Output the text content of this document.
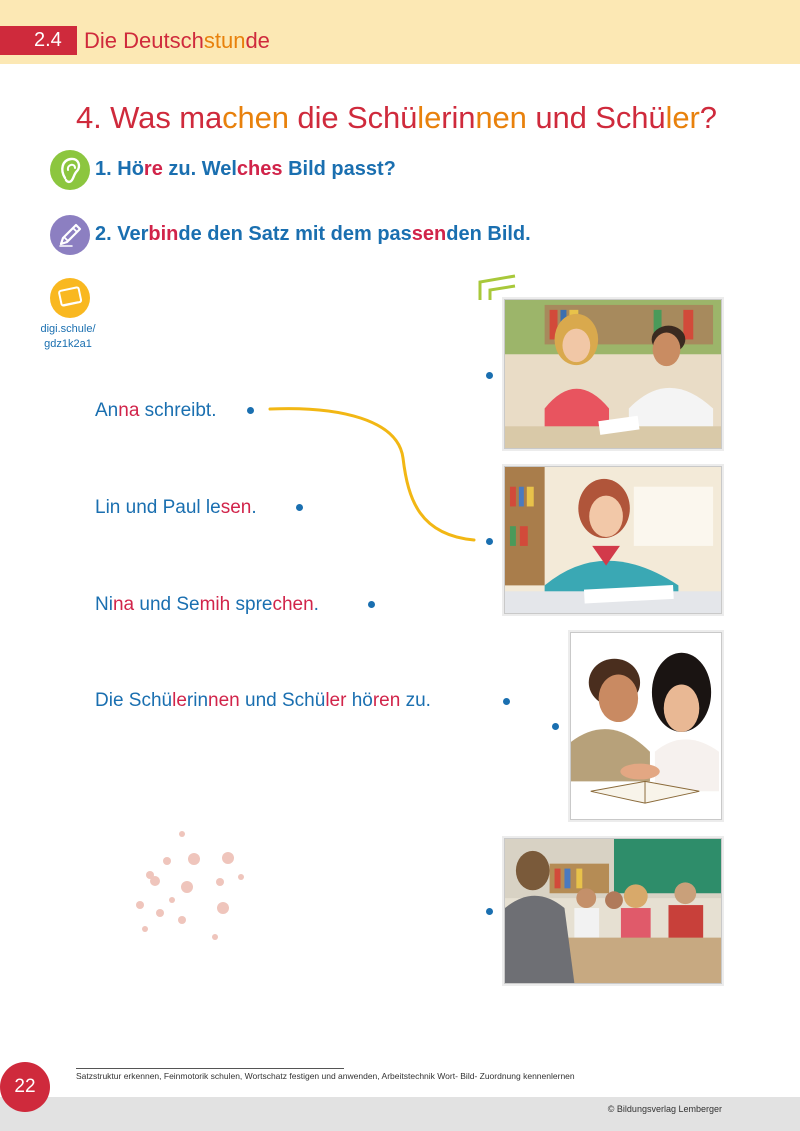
2.4	Die Deutschstunde
4. Was machen die Schülerinnen und Schüler?
1. Höre zu. Welches Bild passt?
2. Verbinde den Satz mit dem passenden Bild.
digi.schule/
gdz1k2a1
Anna schreibt.
Lin und Paul lesen.
Nina und Semih sprechen.
Die Schülerinnen und Schüler hören zu.
Satzstruktur erkennen, Feinmotorik schulen, Wortschatz festigen und anwenden, Arbeitstechnik Wort- Bild- Zuordnung kennenlernen
22
© Bildungsverlag Lemberger
